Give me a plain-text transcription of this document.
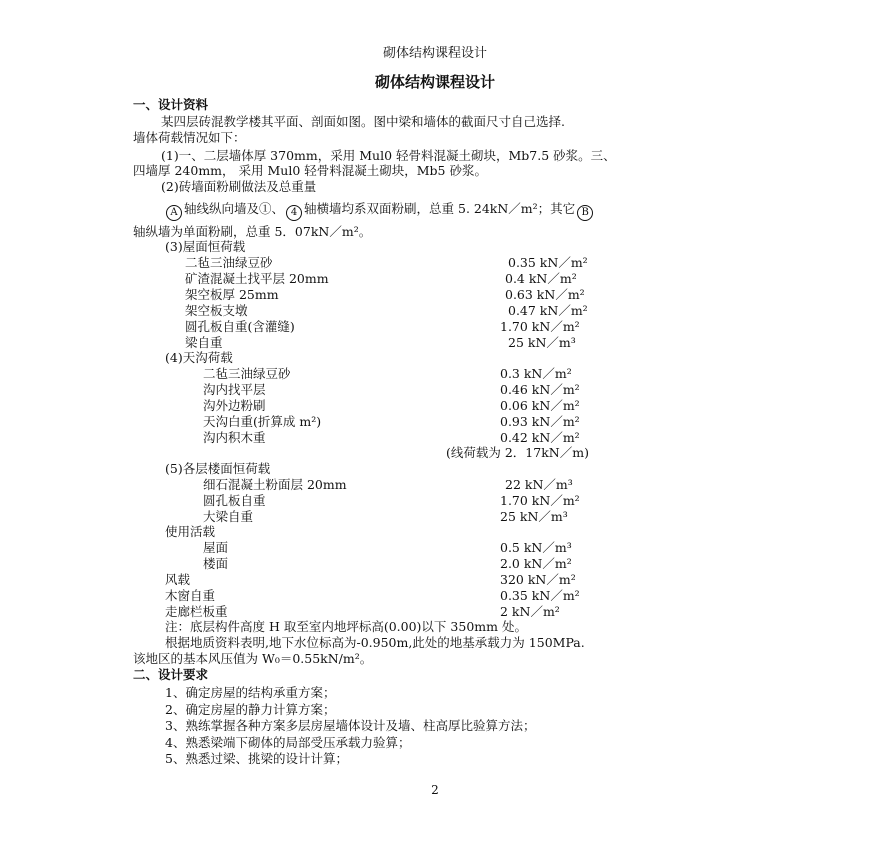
砌体结构课程设计
砌体结构课程设计
一、设计资料
某四层砖混教学楼其平面、剖面如图。图中梁和墙体的截面尺寸自己选择.
墙体荷载情况如下：
(1)一、二层墙体厚 370mm，采用 Mul0 轻骨料混凝土砌块，Mb7.5 砂浆。三、
四墙厚 240mm， 采用 Mul0 轻骨料混凝土砌块，Mb5 砂浆。
(2)砖墙面粉刷做法及总重量
A 轴线纵向墙及①、 4 轴横墙均系双面粉刷，总重 5. 24kN／m²；其它 B
轴纵墙为单面粉刷，总重 5．07kN／m²。
(3)屋面恒荷载
二毡三油绿豆砂	0.35 kN／m²
矿渣混凝土找平层 20mm	0.4 kN／m²
架空板厚 25mm	0.63 kN／m²
架空板支墩	0.47 kN／m²
圆孔板自重(含灌缝)	1.70 kN／m²
梁自重	25 kN／m³
(4)天沟荷载
二毡三油绿豆砂	0.3 kN／m²
沟内找平层	0.46 kN／m²
沟外边粉刷	0.06 kN／m²
天沟白重(折算成 m²)	0.93 kN／m²
沟内积木重	0.42 kN／m²
(线荷载为 2．17kN／m)
(5)各层楼面恒荷载
细石混凝土粉面层 20mm	22 kN／m³
圆孔板自重	1.70 kN／m²
大梁自重	25 kN／m³
使用活载
屋面	0.5 kN／m³
楼面	2.0 kN／m²
风载	320 kN／m²
木窗自重	0.35 kN／m²
走廊栏板重	2 kN／m²
注：底层构件高度 H 取至室内地坪标高(0.00)以下 350mm 处。
根据地质资料表明,地下水位标高为-0.950m,此处的地基承载力为 150MPa.
该地区的基本风压值为 W₀＝0.55kN/m²。
二、设计要求
1、确定房屋的结构承重方案；
2、确定房屋的静力计算方案；
3、熟练掌握各种方案多层房屋墙体设计及墙、柱高厚比验算方法；
4、熟悉梁端下砌体的局部受压承载力验算；
5、熟悉过梁、挑梁的设计计算；
2
